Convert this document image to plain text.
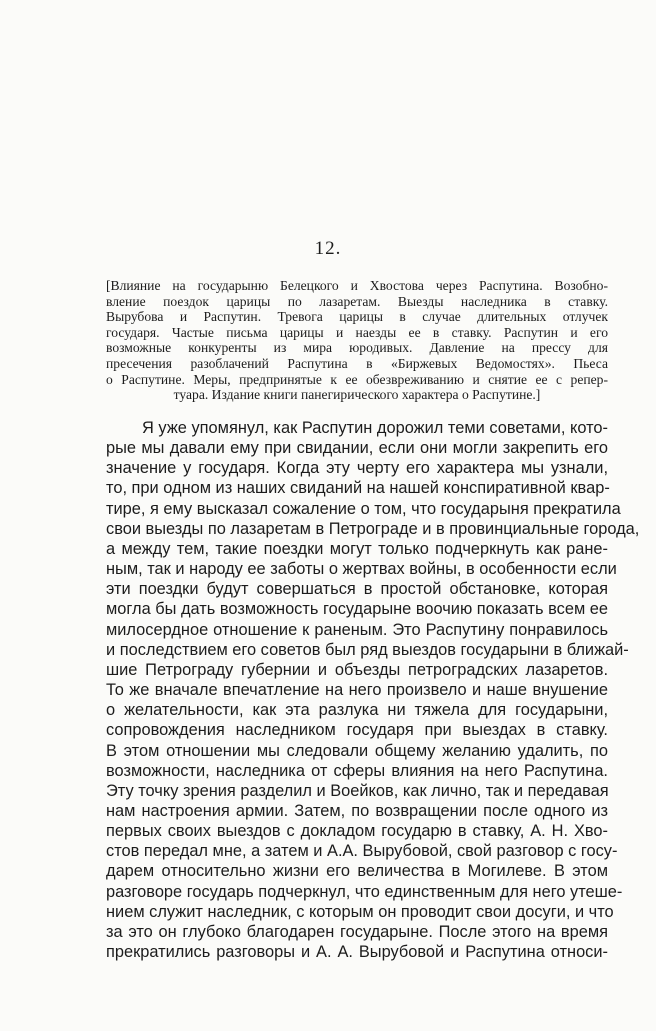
12.
[Влияние на государыню Белецкого и Хвостова через Распутина. Возобно-
вление поездок царицы по лазаретам. Выезды наследника в ставку.
Вырубова и Распутин. Тревога царицы в случае длительных отлучек
государя. Частые письма царицы и наезды ее в ставку. Распутин и его
возможные конкуренты из мира юродивых. Давление на прессу для
пресечения разоблачений Распутина в «Биржевых Ведомостях». Пьеса
о Распутине. Меры, предпринятые к ее обезвреживанию и снятие ее с репер-
туара. Издание книги панегирического характера о Распутине.]
Я уже упомянул, как Распутин дорожил теми советами, кото-
рые мы давали ему при свидании, если они могли закрепить его
значение у государя. Когда эту черту его характера мы узнали,
то, при одном из наших свиданий на нашей конспиративной квар-
тире, я ему высказал сожаление о том, что государыня прекратила
свои выезды по лазаретам в Петрограде и в провинциальные города,
а между тем, такие поездки могут только подчеркнуть как ране-
ным, так и народу ее заботы о жертвах войны, в особенности если
эти поездки будут совершаться в простой обстановке, которая
могла бы дать возможность государыне воочию показать всем ее
милосердное отношение к раненым. Это Распутину понравилось
и последствием его советов был ряд выездов государыни в ближай-
шие Петрограду губернии и объезды петроградских лазаретов.
То же вначале впечатление на него произвело и наше внушение
о желательности, как эта разлука ни тяжела для государыни,
сопровождения наследником государя при выездах в ставку.
В этом отношении мы следовали общему желанию удалить, по
возможности, наследника от сферы влияния на него Распутина.
Эту точку зрения разделил и Воейков, как лично, так и передавая
нам настроения армии. Затем, по возвращении после одного из
первых своих выездов с докладом государю в ставку, А. Н. Хво-
стов передал мне, а затем и А.А. Вырубовой, свой разговор с госу-
дарем относительно жизни его величества в Могилеве. В этом
разговоре государь подчеркнул, что единственным для него утеше-
нием служит наследник, с которым он проводит свои досуги, и что
за это он глубоко благодарен государыне. После этого на время
прекратились разговоры и А. А. Вырубовой и Распутина относи-
